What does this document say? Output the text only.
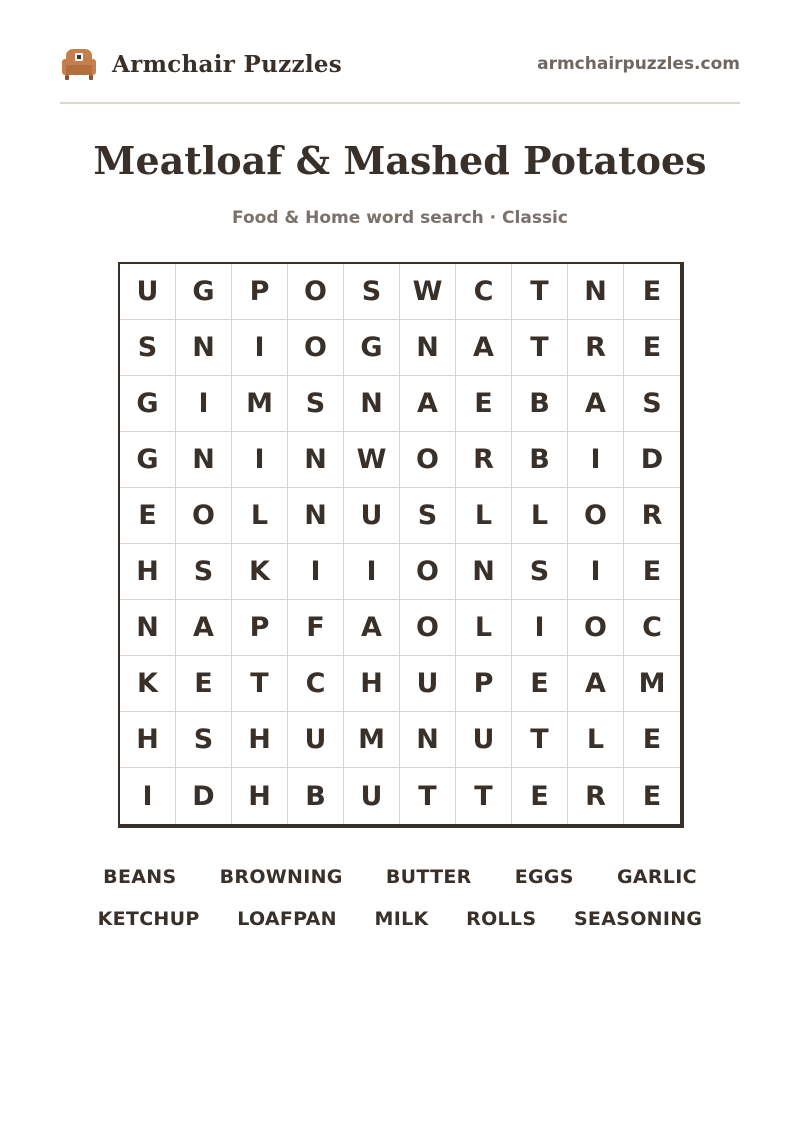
Armchair Puzzles	armchairpuzzles.com
Meatloaf & Mashed Potatoes
Food & Home word search · Classic
U	G	P	O	S	W	C	T	N	E
S	N	I	O	G	N	A	T	R	E
G	I	M	S	N	A	E	B	A	S
G	N	I	N	W	O	R	B	I	D
E	O	L	N	U	S	L	L	O	R
H	S	K	I	I	O	N	S	I	E
N	A	P	F	A	O	L	I	O	C
K	E	T	C	H	U	P	E	A	M
H	S	H	U	M	N	U	T	L	E
I	D	H	B	U	T	T	E	R	E
BEANS BROWNING BUTTER EGGS GARLIC
KETCHUP LOAFPAN MILK ROLLS SEASONING
